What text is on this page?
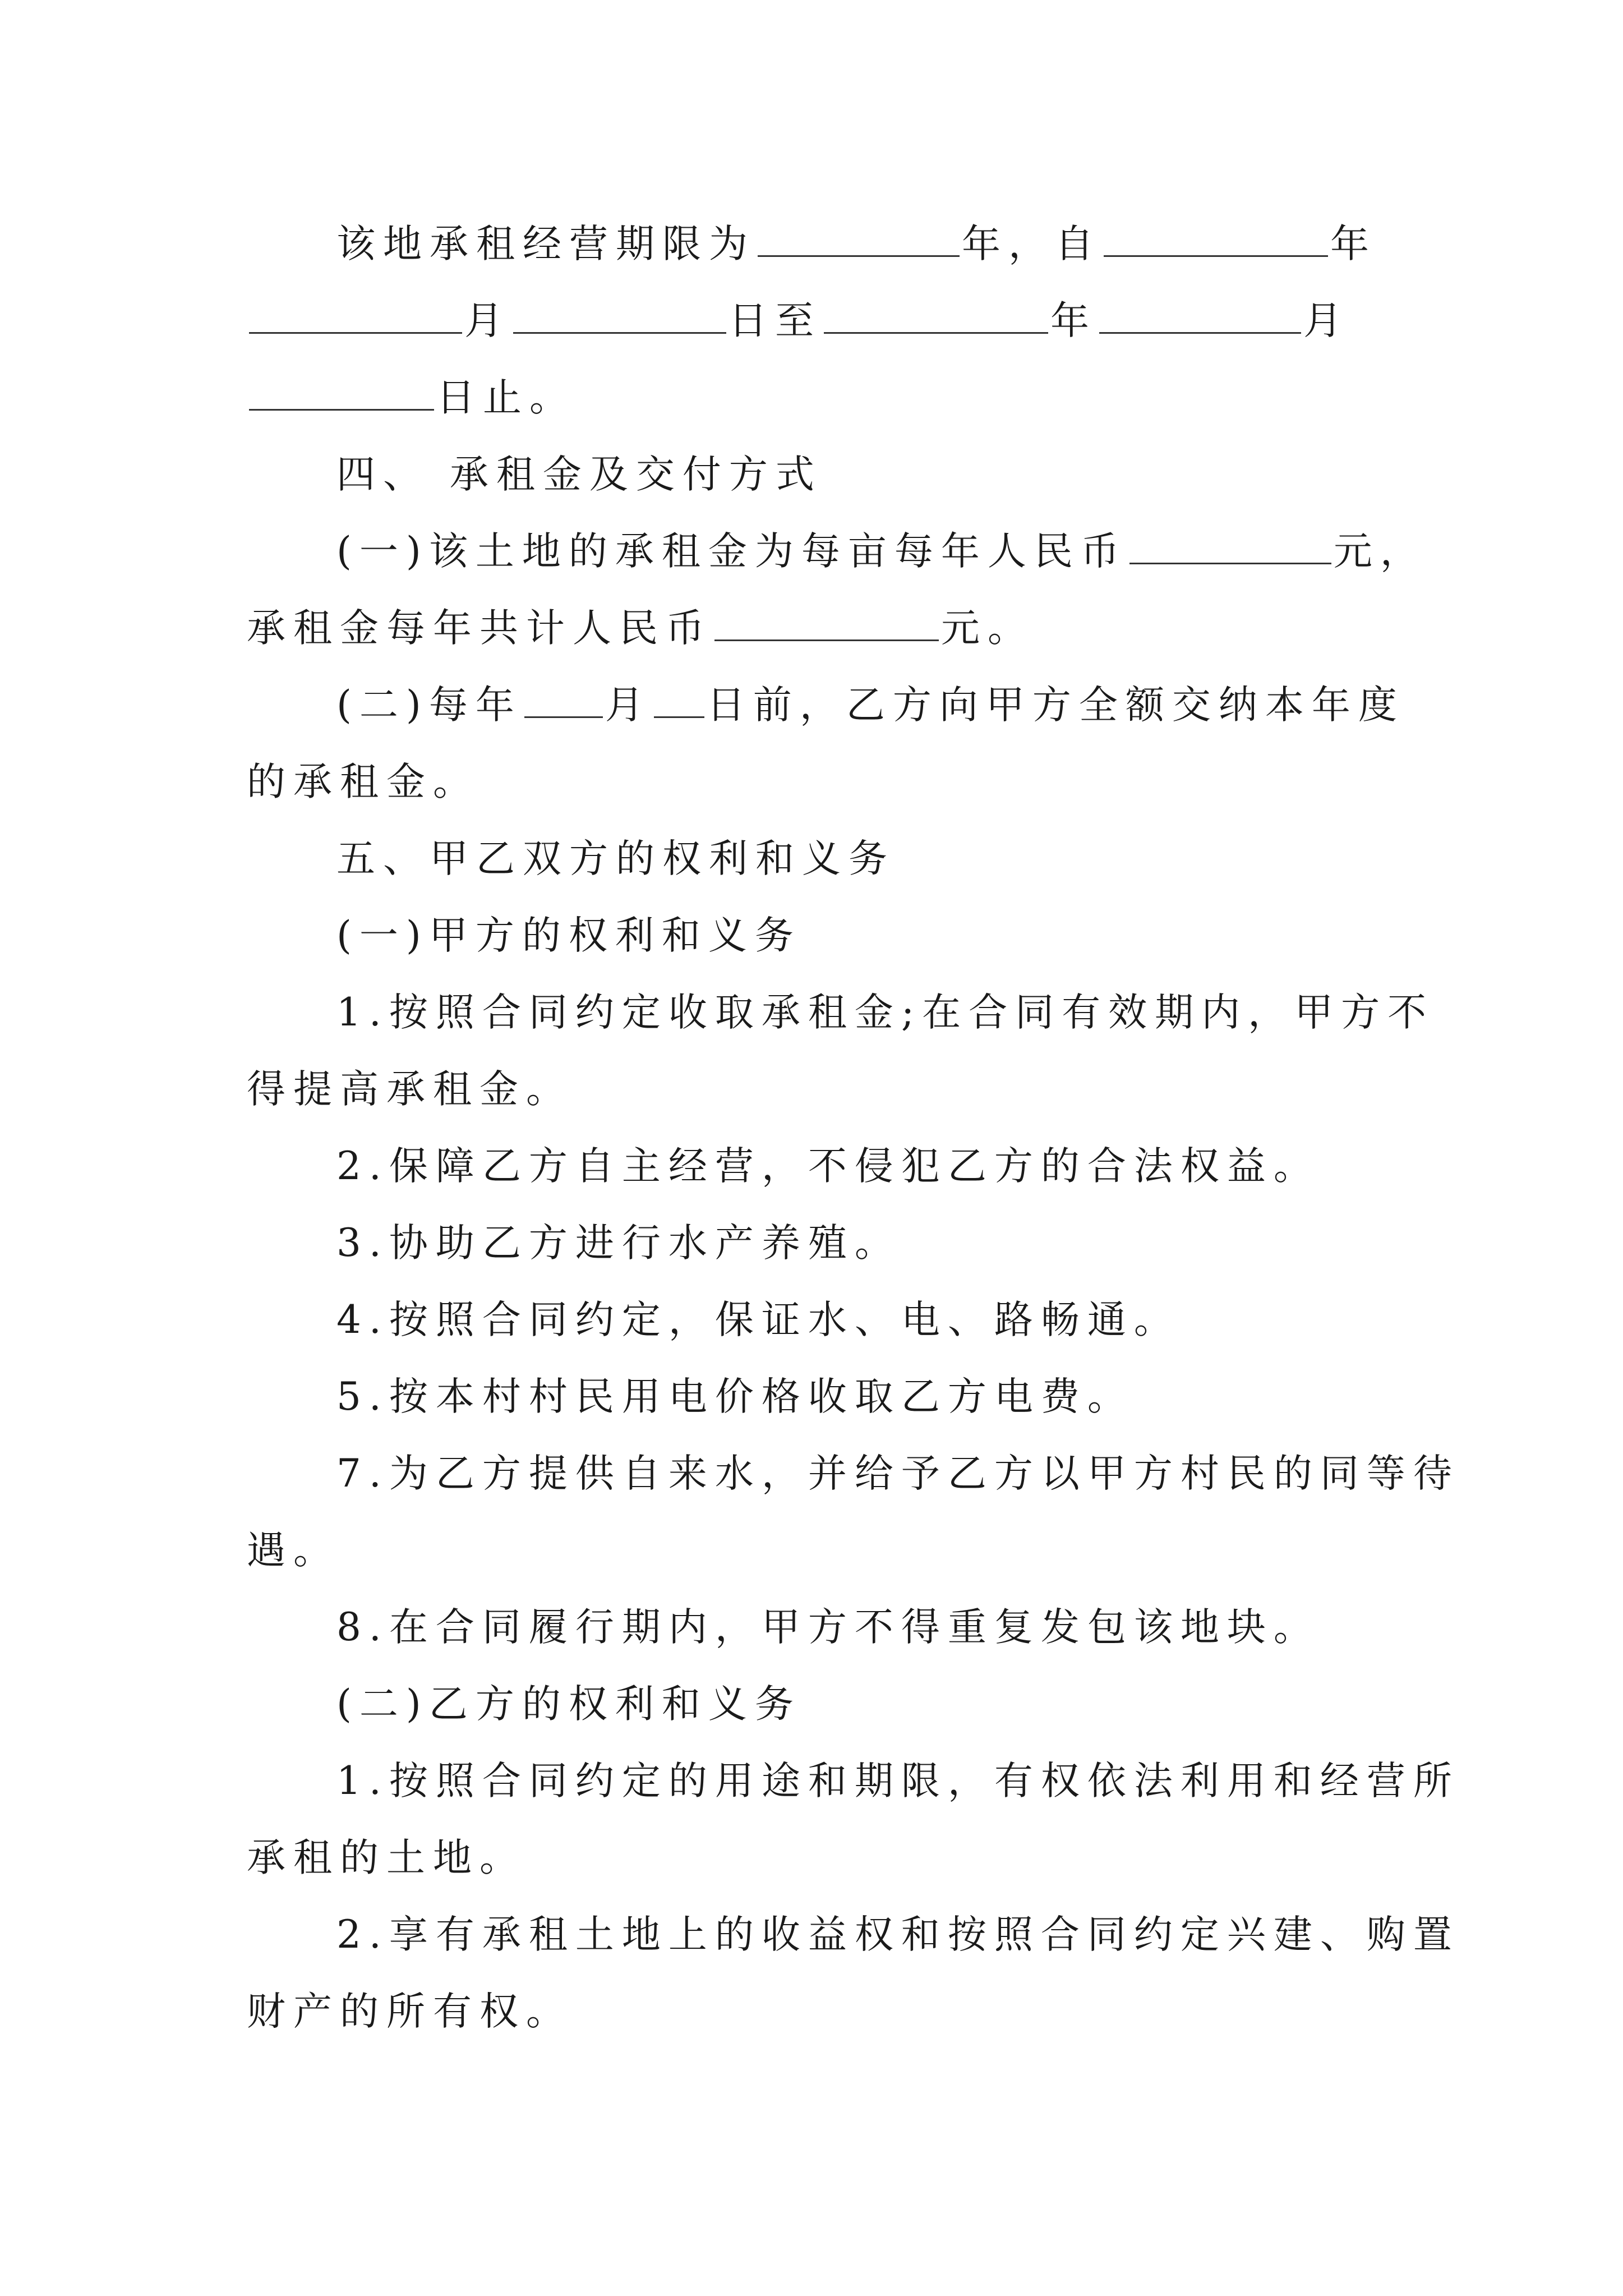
该地承租经营期限为	年，自	年
月	日至	年	月
日止。
四、 承租金及交付方式
(一)该土地的承租金为每亩每年人民币	元，
承租金每年共计人民币	元。
(二)每年 月 日前，乙方向甲方全额交纳本年度
的承租金。
五、甲乙双方的权利和义务
(一)甲方的权利和义务
1.按照合同约定收取承租金;在合同有效期内，甲方不
得提高承租金。
2.保障乙方自主经营，不侵犯乙方的合法权益。
3.协助乙方进行水产养殖。
4.按照合同约定，保证水、电、路畅通。
5.按本村村民用电价格收取乙方电费。
7.为乙方提供自来水，并给予乙方以甲方村民的同等待
遇。
8.在合同履行期内，甲方不得重复发包该地块。
(二)乙方的权利和义务
1.按照合同约定的用途和期限，有权依法利用和经营所
承租的土地。
2.享有承租土地上的收益权和按照合同约定兴建、购置
财产的所有权。
